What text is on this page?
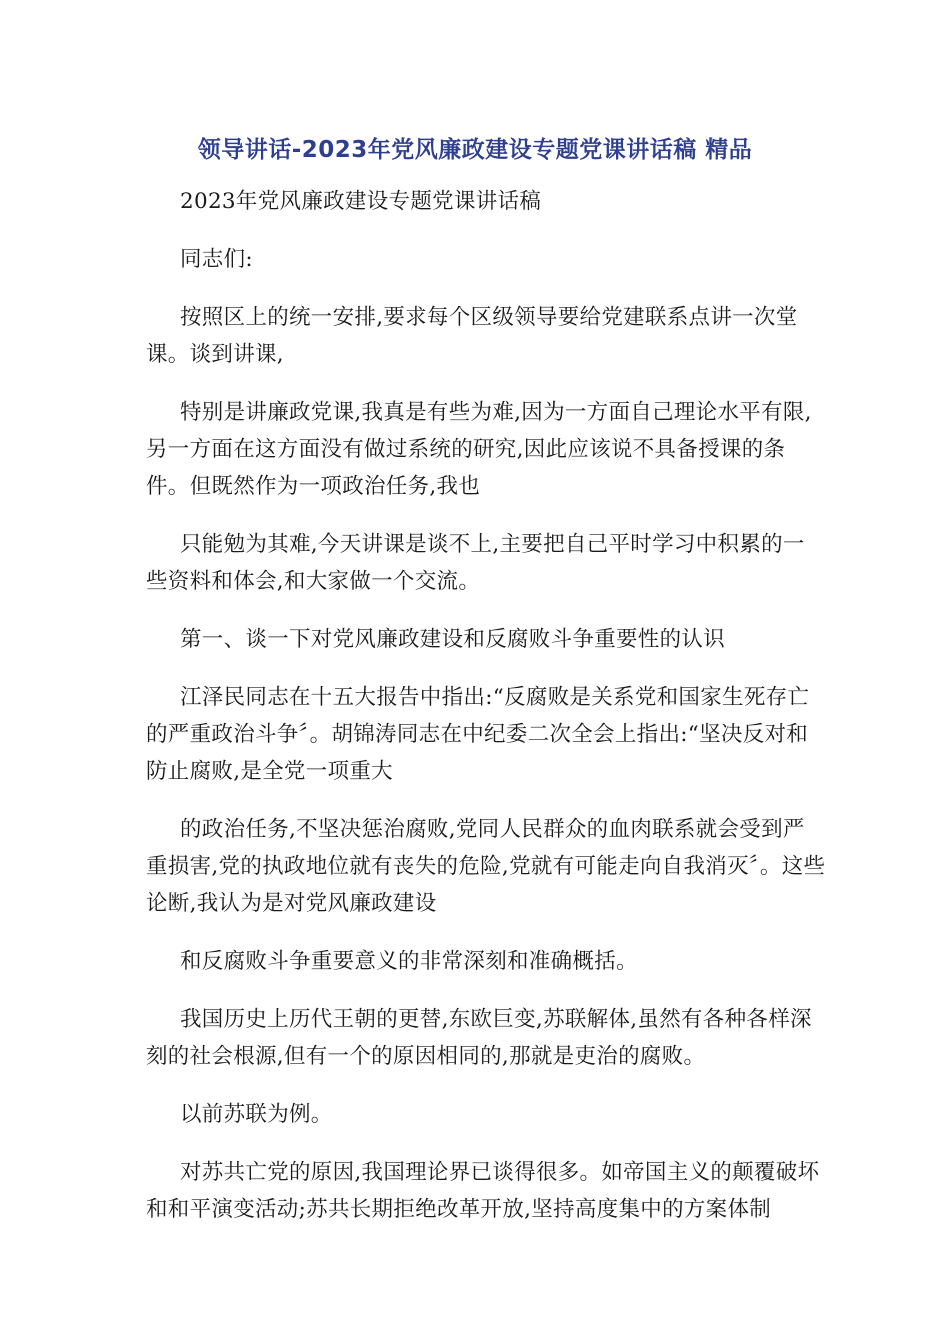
领导讲话-2023年党风廉政建设专题党课讲话稿 精品

2023年党风廉政建设专题党课讲话稿

同志们:

按照区上的统一安排,要求每个区级领导要给党建联系点讲一次堂课。谈到讲课,

特别是讲廉政党课,我真是有些为难,因为一方面自己理论水平有限,另一方面在这方面没有做过系统的研究,因此应该说不具备授课的条件。但既然作为一项政治任务,我也

只能勉为其难,今天讲课是谈不上,主要把自己平时学习中积累的一些资料和体会,和大家做一个交流。

第一、谈一下对党风廉政建设和反腐败斗争重要性的认识

江泽民同志在十五大报告中指出:“反腐败是关系党和国家生死存亡的严重政治斗争〞。胡锦涛同志在中纪委二次全会上指出:“坚决反对和防止腐败,是全党一项重大

的政治任务,不坚决惩治腐败,党同人民群众的血肉联系就会受到严重损害,党的执政地位就有丧失的危险,党就有可能走向自我消灭〞。这些论断,我认为是对党风廉政建设

和反腐败斗争重要意义的非常深刻和准确概括。

我国历史上历代王朝的更替,东欧巨变,苏联解体,虽然有各种各样深刻的社会根源,但有一个的原因相同的,那就是吏治的腐败。

以前苏联为例。

对苏共亡党的原因,我国理论界已谈得很多。如帝国主义的颠覆破坏和和平演变活动;苏共长期拒绝改革开放,坚持高度集中的方案体制
